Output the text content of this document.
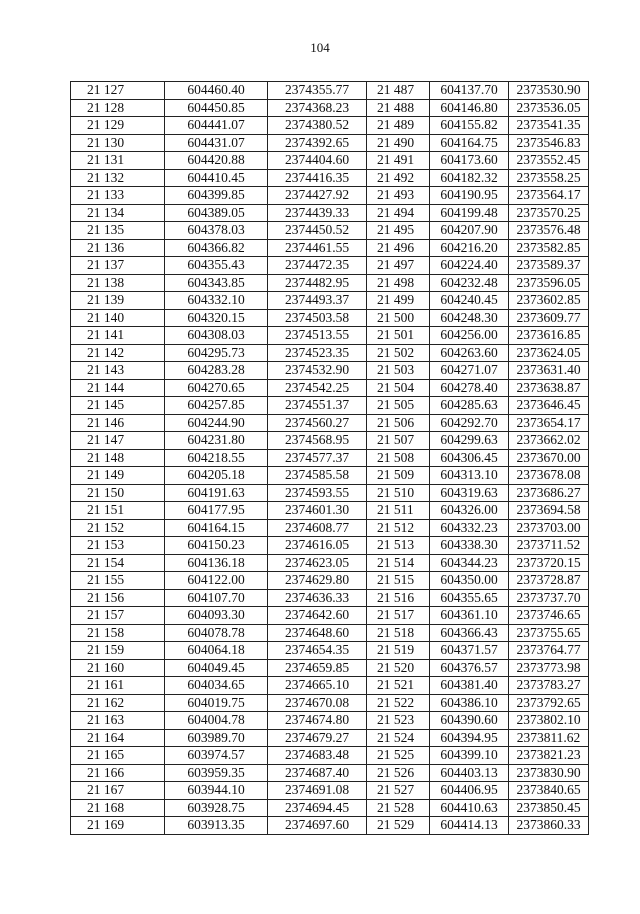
104
21 127	604460.40	2374355.77	21 487	604137.70	2373530.90
21 128	604450.85	2374368.23	21 488	604146.80	2373536.05
21 129	604441.07	2374380.52	21 489	604155.82	2373541.35
21 130	604431.07	2374392.65	21 490	604164.75	2373546.83
21 131	604420.88	2374404.60	21 491	604173.60	2373552.45
21 132	604410.45	2374416.35	21 492	604182.32	2373558.25
21 133	604399.85	2374427.92	21 493	604190.95	2373564.17
21 134	604389.05	2374439.33	21 494	604199.48	2373570.25
21 135	604378.03	2374450.52	21 495	604207.90	2373576.48
21 136	604366.82	2374461.55	21 496	604216.20	2373582.85
21 137	604355.43	2374472.35	21 497	604224.40	2373589.37
21 138	604343.85	2374482.95	21 498	604232.48	2373596.05
21 139	604332.10	2374493.37	21 499	604240.45	2373602.85
21 140	604320.15	2374503.58	21 500	604248.30	2373609.77
21 141	604308.03	2374513.55	21 501	604256.00	2373616.85
21 142	604295.73	2374523.35	21 502	604263.60	2373624.05
21 143	604283.28	2374532.90	21 503	604271.07	2373631.40
21 144	604270.65	2374542.25	21 504	604278.40	2373638.87
21 145	604257.85	2374551.37	21 505	604285.63	2373646.45
21 146	604244.90	2374560.27	21 506	604292.70	2373654.17
21 147	604231.80	2374568.95	21 507	604299.63	2373662.02
21 148	604218.55	2374577.37	21 508	604306.45	2373670.00
21 149	604205.18	2374585.58	21 509	604313.10	2373678.08
21 150	604191.63	2374593.55	21 510	604319.63	2373686.27
21 151	604177.95	2374601.30	21 511	604326.00	2373694.58
21 152	604164.15	2374608.77	21 512	604332.23	2373703.00
21 153	604150.23	2374616.05	21 513	604338.30	2373711.52
21 154	604136.18	2374623.05	21 514	604344.23	2373720.15
21 155	604122.00	2374629.80	21 515	604350.00	2373728.87
21 156	604107.70	2374636.33	21 516	604355.65	2373737.70
21 157	604093.30	2374642.60	21 517	604361.10	2373746.65
21 158	604078.78	2374648.60	21 518	604366.43	2373755.65
21 159	604064.18	2374654.35	21 519	604371.57	2373764.77
21 160	604049.45	2374659.85	21 520	604376.57	2373773.98
21 161	604034.65	2374665.10	21 521	604381.40	2373783.27
21 162	604019.75	2374670.08	21 522	604386.10	2373792.65
21 163	604004.78	2374674.80	21 523	604390.60	2373802.10
21 164	603989.70	2374679.27	21 524	604394.95	2373811.62
21 165	603974.57	2374683.48	21 525	604399.10	2373821.23
21 166	603959.35	2374687.40	21 526	604403.13	2373830.90
21 167	603944.10	2374691.08	21 527	604406.95	2373840.65
21 168	603928.75	2374694.45	21 528	604410.63	2373850.45
21 169	603913.35	2374697.60	21 529	604414.13	2373860.33
